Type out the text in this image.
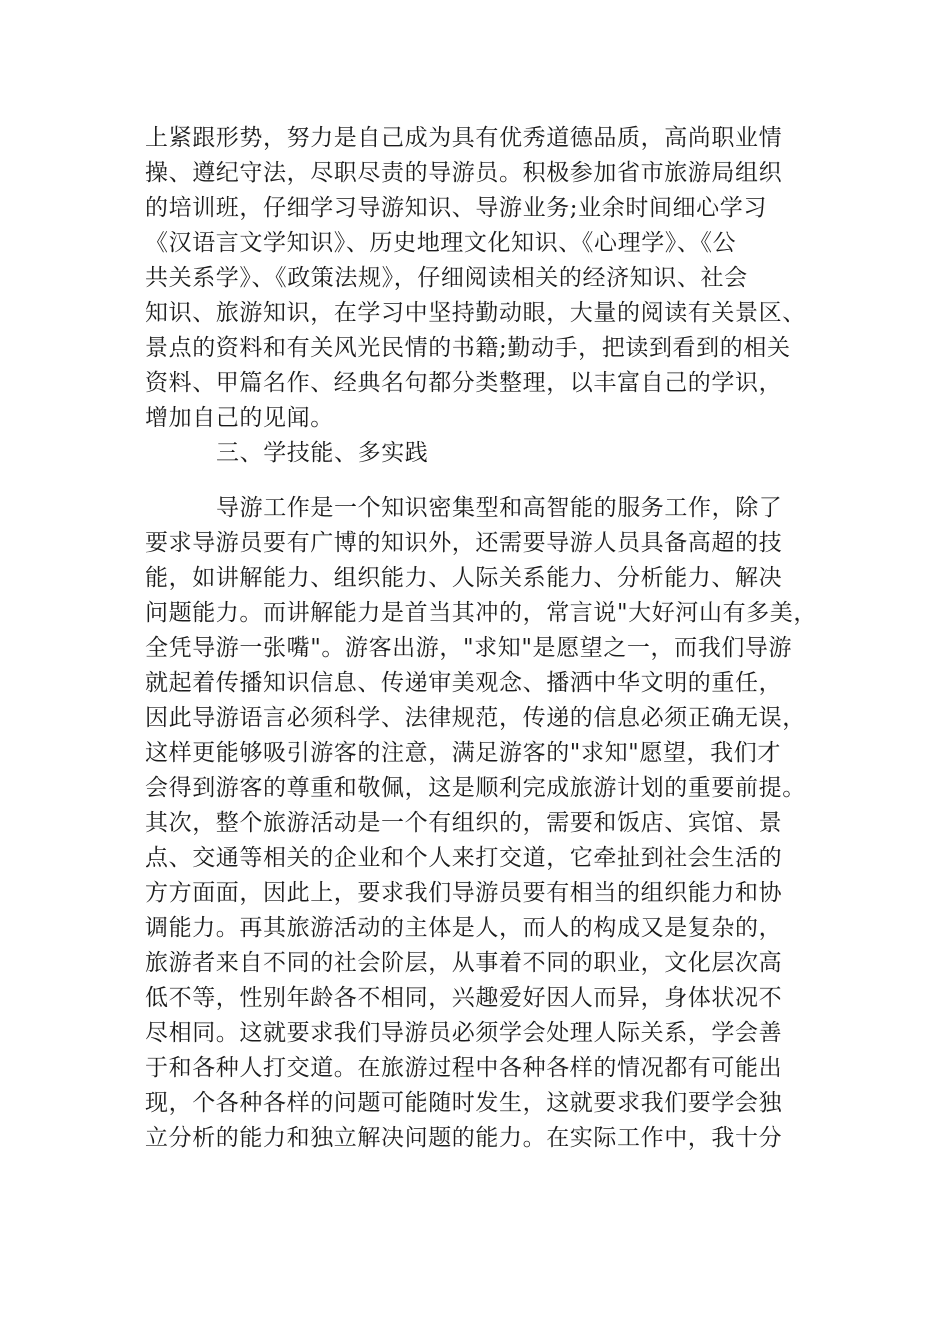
上紧跟形势，努力是自己成为具有优秀道德品质，高尚职业情
操、遵纪守法，尽职尽责的导游员。积极参加省市旅游局组织
的培训班，仔细学习导游知识、导游业务;业余时间细心学习
《汉语言文学知识》、历史地理文化知识、《心理学》、《公
共关系学》、《政策法规》，仔细阅读相关的经济知识、社会
知识、旅游知识，在学习中坚持勤动眼，大量的阅读有关景区、
景点的资料和有关风光民情的书籍;勤动手，把读到看到的相关
资料、甲篇名作、经典名句都分类整理，以丰富自己的学识，
增加自己的见闻。
三、学技能、多实践
导游工作是一个知识密集型和高智能的服务工作，除了
要求导游员要有广博的知识外，还需要导游人员具备高超的技
能，如讲解能力、组织能力、人际关系能力、分析能力、解决
问题能力。而讲解能力是首当其冲的，常言说"大好河山有多美，
全凭导游一张嘴"。游客出游，"求知"是愿望之一，而我们导游
就起着传播知识信息、传递审美观念、播洒中华文明的重任，
因此导游语言必须科学、法律规范，传递的信息必须正确无误，
这样更能够吸引游客的注意，满足游客的"求知"愿望，我们才
会得到游客的尊重和敬佩，这是顺利完成旅游计划的重要前提。
其次，整个旅游活动是一个有组织的，需要和饭店、宾馆、景
点、交通等相关的企业和个人来打交道，它牵扯到社会生活的
方方面面，因此上，要求我们导游员要有相当的组织能力和协
调能力。再其旅游活动的主体是人，而人的构成又是复杂的，
旅游者来自不同的社会阶层，从事着不同的职业，文化层次高
低不等，性别年龄各不相同，兴趣爱好因人而异，身体状况不
尽相同。这就要求我们导游员必须学会处理人际关系，学会善
于和各种人打交道。在旅游过程中各种各样的情况都有可能出
现，个各种各样的问题可能随时发生，这就要求我们要学会独
立分析的能力和独立解决问题的能力。在实际工作中，我十分
